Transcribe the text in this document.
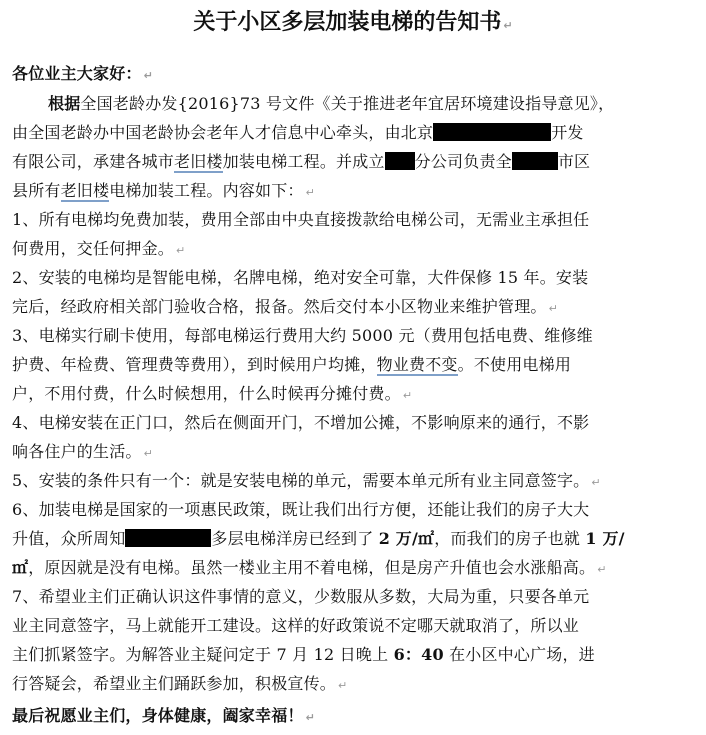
关于小区多层加装电梯的告知书 ↵
各位业主大家好： ↵
根据全国老龄办发{2016}73 号文件《关于推进老年宜居环境建设指导意见》，
由全国老龄办中国老龄协会老年人才信息中心牵头，由北京	开发
有限公司，承建各城市老旧楼加装电梯工程。并成立 分公司负责全	市区
县所有老旧楼电梯加装工程。内容如下： ↵
1、所有电梯均免费加装，费用全部由中央直接拨款给电梯公司，无需业主承担任
何费用，交任何押金。 ↵
2、安装的电梯均是智能电梯，名牌电梯，绝对安全可靠，大件保修 15 年。安装
完后，经政府相关部门验收合格，报备。然后交付本小区物业来维护管理。 ↵
3、电梯实行刷卡使用，每部电梯运行费用大约 5000 元（费用包括电费、维修维
护费、年检费、管理费等费用），到时候用户均摊，物业费不变。不使用电梯用
户，不用付费，什么时候想用，什么时候再分摊付费。 ↵
4、电梯安装在正门口，然后在侧面开门，不增加公摊，不影响原来的通行，不影
响各住户的生活。 ↵
5、安装的条件只有一个：就是安装电梯的单元，需要本单元所有业主同意签字。 ↵
6、加装电梯是国家的一项惠民政策，既让我们出行方便，还能让我们的房子大大
升值，众所周知	多层电梯洋房已经到了 2 万/㎡，而我们的房子也就 1 万/
㎡，原因就是没有电梯。虽然一楼业主用不着电梯，但是房产升值也会水涨船高。 ↵
7、希望业主们正确认识这件事情的意义，少数服从多数，大局为重，只要各单元
业主同意签字，马上就能开工建设。这样的好政策说不定哪天就取消了，所以业
主们抓紧签字。为解答业主疑问定于 7 月 12 日晚上 6：40 在小区中心广场，进
行答疑会，希望业主们踊跃参加，积极宣传。 ↵
最后祝愿业主们，身体健康，阖家幸福！ ↵
